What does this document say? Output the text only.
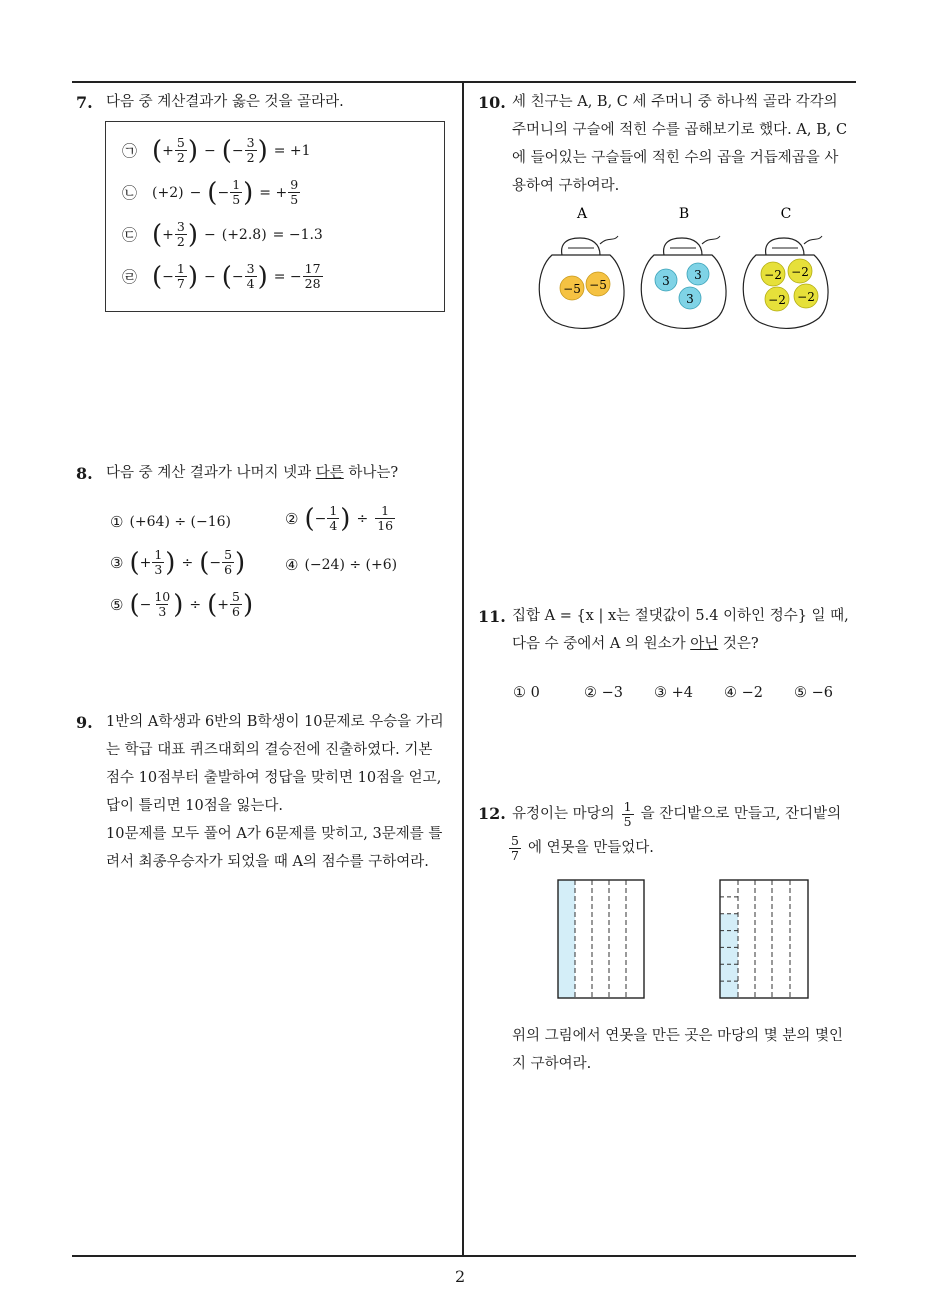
2
7. 다음 중 계산결과가 옳은 것을 골라라.
㉠ ( + $\frac{5}{2}$ ) − ( − $\frac{3}{2}$ ) = +1
㉡	(+2) − ( − $\frac{1}{5}$ ) = + $\frac{9}{5}$
㉢ ( + $\frac{3}{2}$ ) − (+2.8) = −1.3
㉣ ( − $\frac{1}{7}$ ) − ( − $\frac{3}{4}$ ) = − $\frac{17}{28}$
8. 다음 중 계산 결과가 나머지 넷과 다른 하나는?
① (+64) ÷ (−16)	② ( − $\frac{1}{4}$ ) ÷ $\frac{1}{16}$
③ ( + $\frac{1}{3}$ ) ÷ ( − $\frac{5}{6}$ )	④ (−24) ÷ (+6)
⑤ ( − $\frac{10}{3}$ ) ÷ ( + $\frac{5}{6}$ )
9. 1반의 A학생과 6반의 B학생이 10문제로 우승을 가리
는 학급 대표 퀴즈대회의 결승전에 진출하였다. 기본
점수 10점부터 출발하여 정답을 맞히면 10점을 얻고,
답이 틀리면 10점을 잃는다.
10문제를 모두 풀어 A가 6문제를 맞히고, 3문제를 틀
려서 최종우승자가 되었을 때 A의 점수를 구하여라.
10. 세 친구는 A, B, C 세 주머니 중 하나씩 골라 각각의
주머니의 구슬에 적힌 수를 곱해보기로 했다. A, B, C
에 들어있는 구슬들에 적힌 수의 곱을 거듭제곱을 사
용하여 구하여라.
A	B	C
−5 −5	3 3
3
−2 −2
−2 −2
11. 집합 A = {x | x는 절댓값이 5.4 이하인 정수} 일 때,
다음 수 중에서 A 의 원소가 아닌 것은?
① 0	② −3 ③ +4 ④ −2 ⑤ −6
12. 유정이는 마당의 $\frac{1}{5}$ 을 잔디밭으로 만들고, 잔디밭의
$\frac{5}{7}$ 에 연못을 만들었다.
위의 그림에서 연못을 만든 곳은 마당의 몇 분의 몇인
지 구하여라.
